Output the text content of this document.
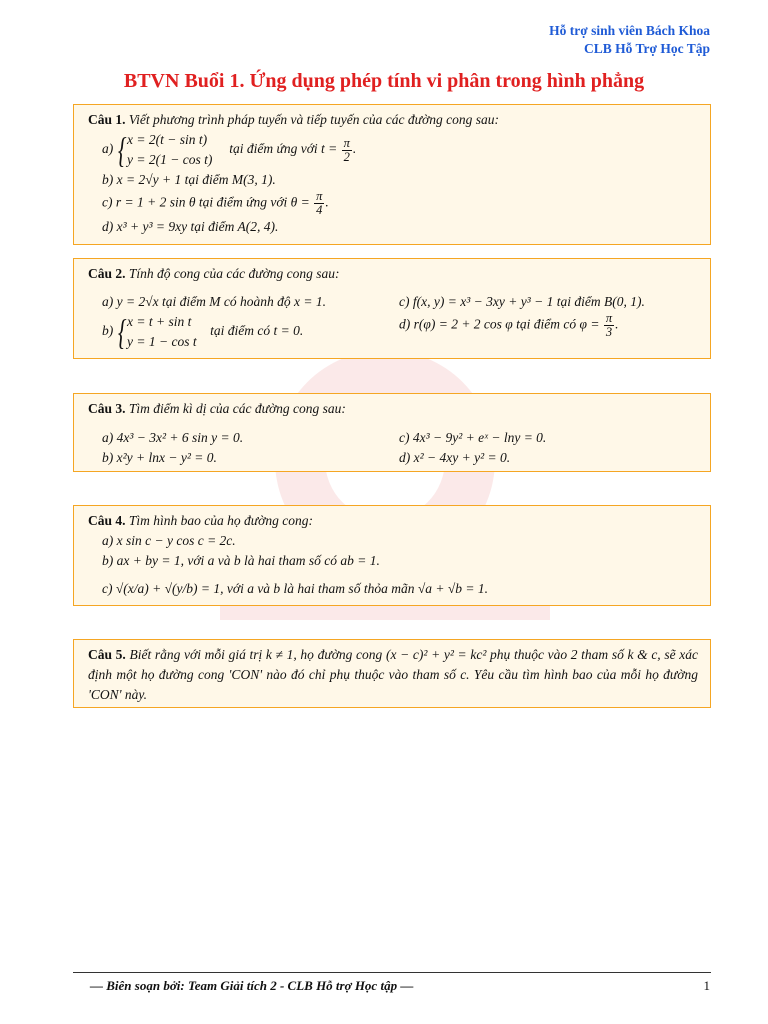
Hỗ trợ sinh viên Bách Khoa
CLB Hỗ Trợ Học Tập
BTVN Buổi 1. Ứng dụng phép tính vi phân trong hình phẳng
Câu 1. Viết phương trình pháp tuyến và tiếp tuyến của các đường cong sau:
a) { x = 2(t − sin t)
y = 2(1 − cos t)
tại điểm ứng với $t = \frac{\pi}{2}$ .
b) x = 2√y + 1 tại điểm M(3, 1).
c) r = 1 + 2 sin θ tại điểm ứng với $\theta = \frac{\pi}{4}$ .
d) x³ + y³ = 9xy tại điểm A(2, 4).
Câu 2. Tính độ cong của các đường cong sau:
a) y = 2√x tại điểm M có hoành độ x = 1.
b) { x = t + sin t
y = 1 − cos t
tại điểm có t = 0.
c) f(x, y) = x³ − 3xy + y³ − 1 tại điểm B(0, 1).
d) r(φ) = 2 + 2 cos φ tại điểm có $\varphi = \frac{\pi}{3}$ .
Câu 3. Tìm điểm kì dị của các đường cong sau:
a) 4x³ − 3x² + 6 sin y = 0.
b) x²y + lnx − y² = 0.
c) 4x³ − 9y² + eˣ − lny = 0.
d) x² − 4xy + y² = 0.
Câu 4. Tìm hình bao của họ đường cong:
a) x sin c − y cos c = 2c.
b) ax + by = 1, với a và b là hai tham số có ab = 1.
c) √(x/a) + √(y/b) = 1, với a và b là hai tham số thỏa mãn √a + √b = 1.
Câu 5. Biết rằng với mỗi giá trị k ≠ 1, họ đường cong (x − c)² + y² = kc² phụ thuộc vào 2 tham số k & c, sẽ xác định một họ đường cong 'CON' nào đó chỉ phụ thuộc vào tham số c. Yêu cầu tìm hình bao của mỗi họ đường 'CON' này.
— Biên soạn bởi: Team Giải tích 2 - CLB Hỗ trợ Học tập —	1
